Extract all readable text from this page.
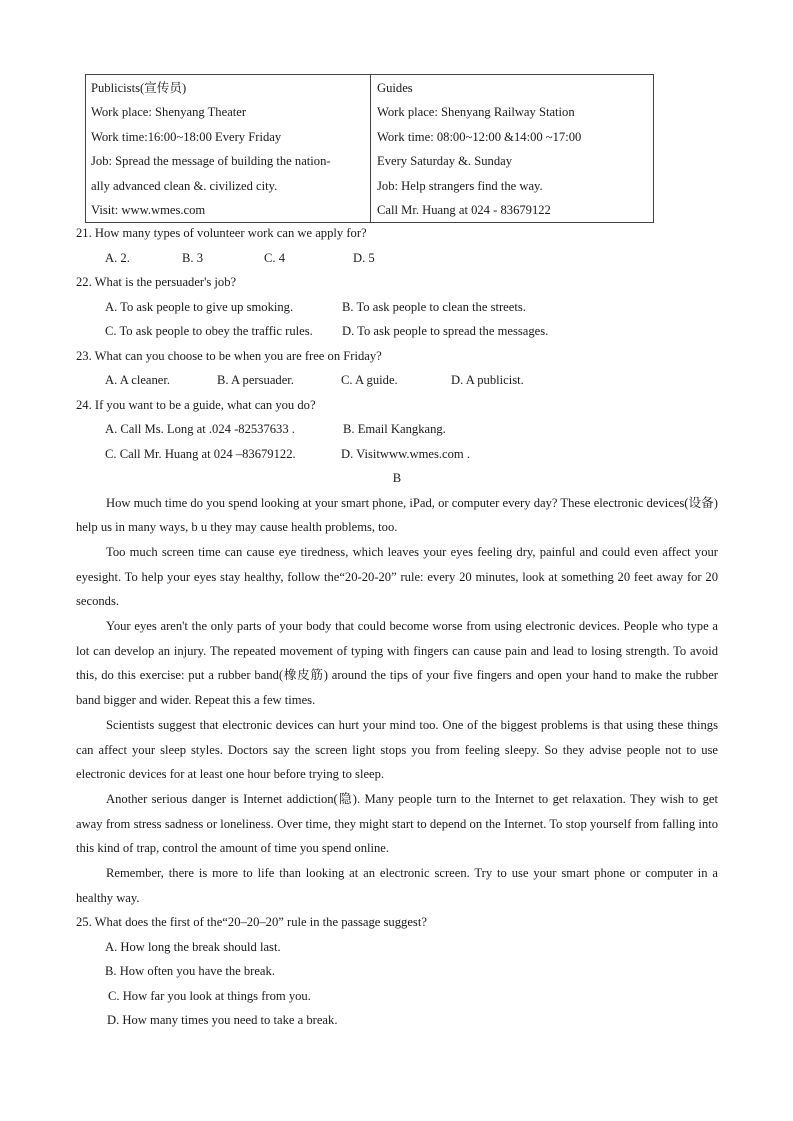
Publicists(宣传员)
Work place: Shenyang Theater
Work time:16:00~18:00 Every Friday
Job: Spread the message of building the nation-
ally advanced clean &. civilized city.
Visit: www.wmes.com
Guides
Work place: Shenyang Railway Station
Work time: 08:00~12:00 &14:00 ~17:00
Every Saturday &. Sunday
Job: Help strangers find the way.
Call Mr. Huang at 024 - 83679122
21. How many types of volunteer work can we apply for?
A. 2.	B. 3	C. 4	D. 5
22. What is the persuader's job?
A. To ask people to give up smoking.	B. To ask people to clean the streets.
C. To ask people to obey the traffic rules.	D. To ask people to spread the messages.
23. What can you choose to be when you are free on Friday?
A. A cleaner.	B. A persuader.	C. A guide.	D. A publicist.
24. If you want to be a guide, what can you do?
A. Call Ms. Long at .024 -82537633 .	B. Email Kangkang.
C. Call Mr. Huang at 024 –83679122.	D. Visitwww.wmes.com .
B

How much time do you spend looking at your smart phone, iPad, or computer every day? These electronic devices(设备) help us in many ways, b u they may cause health problems, too.

Too much screen time can cause eye tiredness, which leaves your eyes feeling dry, painful and could even affect your eyesight. To help your eyes stay healthy, follow the“20-20-20” rule: every 20 minutes, look at something 20 feet away for 20 seconds.

Your eyes aren't the only parts of your body that could become worse from using electronic devices. People who type a lot can develop an injury. The repeated movement of typing with fingers can cause pain and lead to losing strength. To avoid this, do this exercise: put a rubber band(橡皮筋) around the tips of your five fingers and open your hand to make the rubber band bigger and wider. Repeat this a few times.

Scientists suggest that electronic devices can hurt your mind too. One of the biggest problems is that using these things can affect your sleep styles. Doctors say the screen light stops you from feeling sleepy. So they advise people not to use electronic devices for at least one hour before trying to sleep.

Another serious danger is Internet addiction(隐). Many people turn to the Internet to get relaxation. They wish to get away from stress sadness or loneliness. Over time, they might start to depend on the Internet. To stop yourself from falling into this kind of trap, control the amount of time you spend online.

Remember, there is more to life than looking at an electronic screen. Try to use your smart phone or computer in a healthy way.

25. What does the first of the“20–20–20” rule in the passage suggest?
A. How long the break should last.
B. How often you have the break.
C. How far you look at things from you.
D. How many times you need to take a break.
